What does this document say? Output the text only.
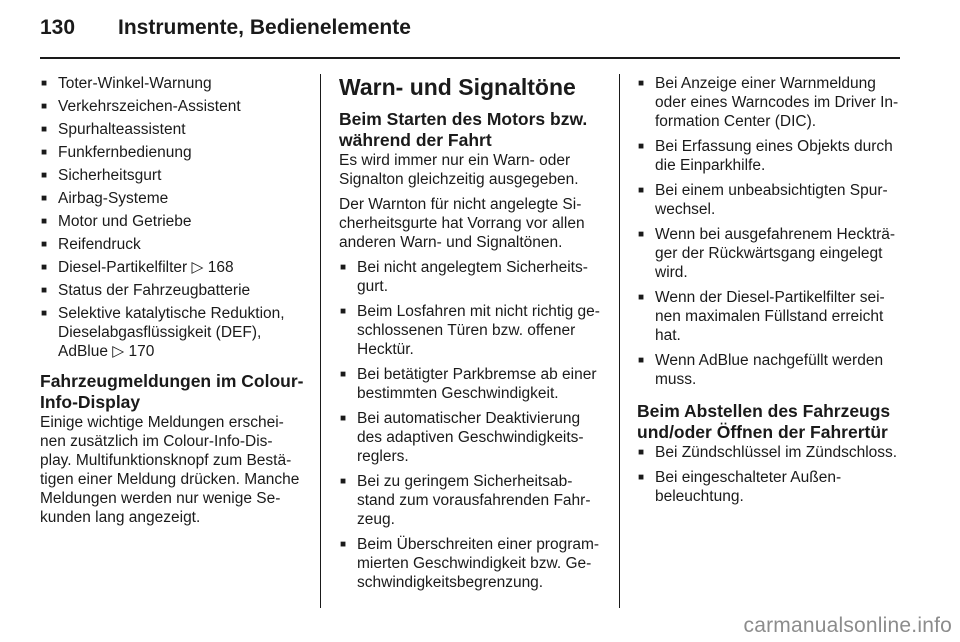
130 Instrumente, Bedienelemente
■ Toter-Winkel-Warnung
■ Verkehrszeichen-Assistent
■ Spurhalteassistent
■ Funkfernbedienung
■ Sicherheitsgurt
■ Airbag-Systeme
■ Motor und Getriebe
■ Reifendruck
■ Diesel-Partikelfilter ▷ 168
■ Status der Fahrzeugbatterie
■ Selektive katalytische Reduktion, Dieselabgasflüssigkeit (DEF), AdBlue ▷ 170
Fahrzeugmeldungen im Colour-Info-Display
Einige wichtige Meldungen erschei-nen zusätzlich im Colour-Info-Dis-play. Multifunktionsknopf zum Bestä-tigen einer Meldung drücken. Manche Meldungen werden nur wenige Se-kunden lang angezeigt.
Warn- und Signaltöne
Beim Starten des Motors bzw. während der Fahrt
Es wird immer nur ein Warn- oder Signalton gleichzeitig ausgegeben.
Der Warnton für nicht angelegte Si-cherheitsgurte hat Vorrang vor allen anderen Warn- und Signaltönen.
■ Bei nicht angelegtem Sicherheits-gurt.
■ Beim Losfahren mit nicht richtig ge-schlossenen Türen bzw. offener Hecktür.
■ Bei betätigter Parkbremse ab einer bestimmten Geschwindigkeit.
■ Bei automatischer Deaktivierung des adaptiven Geschwindigkeits-reglers.
■ Bei zu geringem Sicherheitsab-stand zum vorausfahrenden Fahr-zeug.
■ Beim Überschreiten einer program-mierten Geschwindigkeit bzw. Ge-schwindigkeitsbegrenzung.
■ Bei Anzeige einer Warnmeldung oder eines Warncodes im Driver In-formation Center (DIC).
■ Bei Erfassung eines Objekts durch die Einparkhilfe.
■ Bei einem unbeabsichtigten Spur-wechsel.
■ Wenn bei ausgefahrenem Heckträ-ger der Rückwärtsgang eingelegt wird.
■ Wenn der Diesel-Partikelfilter sei-nen maximalen Füllstand erreicht hat.
■ Wenn AdBlue nachgefüllt werden muss.
Beim Abstellen des Fahrzeugs und/oder Öffnen der Fahrertür
■ Bei Zündschlüssel im Zündschloss.
■ Bei eingeschalteter Außen-beleuchtung.
carmanualsonline.info
